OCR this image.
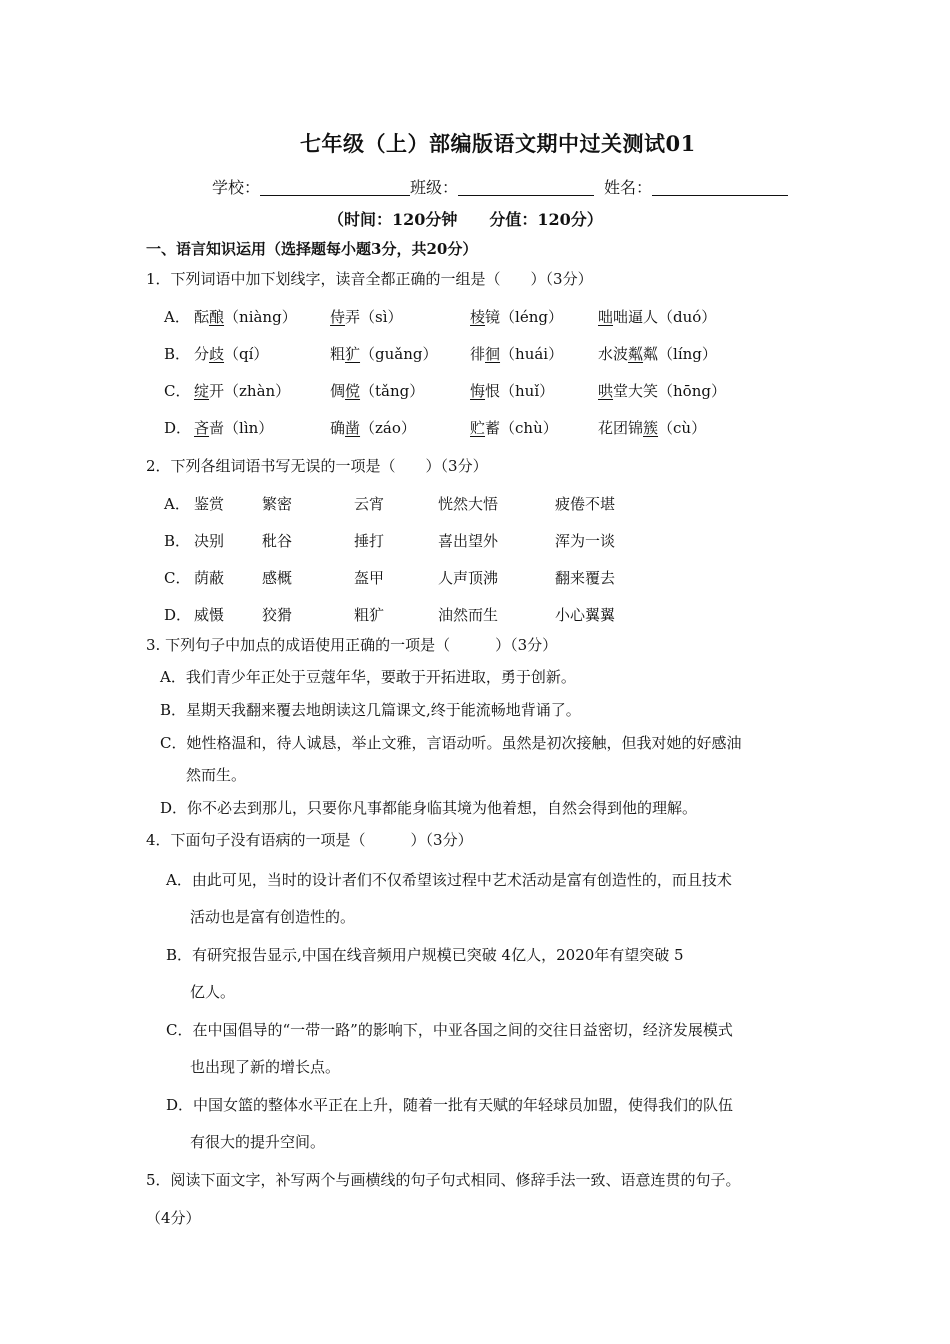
七年级（上）部编版语文期中过关测试01
学校：	班级：	姓名：
（时间：120分钟　　分值：120分）
一、语言知识运用（选择题每小题3分，共20分）
1．下列词语中加下划线字，读音全都正确的一组是（　　）（3分）
A． 酝酿（niàng） 侍弄（sì）	棱镜（léng） 咄咄逼人（duó）
B． 分歧（qí）	粗犷（guǎng） 徘徊（huái） 水波粼粼（líng）
C． 绽开（zhàn）	倜傥（tǎng）	悔恨（huǐ）	哄堂大笑（hōng）
D． 吝啬（lìn）	确凿（záo）	贮蓄（chù）	花团锦簇（cù）
2．下列各组词语书写无误的一项是（　　）（3分）
A． 鉴赏	繁密	云宵	恍然大悟	疲倦不堪
B． 决别	秕谷	捶打	喜出望外	浑为一谈
C． 荫蔽	感概	盔甲	人声顶沸	翻来覆去
D． 威慑	狡猾	粗犷	油然而生	小心翼翼
3. 下列句子中加点的成语使用正确的一项是（　　　）（3分）
A．我们青少年正处于豆蔻年华，要敢于开拓进取，勇于创新。
B．星期天我翻来覆去地朗读这几篇课文,终于能流畅地背诵了。
C．她性格温和，待人诚恳，举止文雅，言语动听。虽然是初次接触，但我对她的好感油
然而生。
D．你不必去到那儿，只要你凡事都能身临其境为他着想，自然会得到他的理解。
4．下面句子没有语病的一项是（　　　）（3分）
A．由此可见，当时的设计者们不仅希望该过程中艺术活动是富有创造性的，而且技术
活动也是富有创造性的。
B．有研究报告显示,中国在线音频用户规模已突破 4亿人，2020年有望突破 5
亿人。
C．在中国倡导的“一带一路”的影响下，中亚各国之间的交往日益密切，经济发展模式
也出现了新的增长点。
D．中国女篮的整体水平正在上升，随着一批有天赋的年轻球员加盟，使得我们的队伍
有很大的提升空间。
5．阅读下面文字，补写两个与画横线的句子句式相同、修辞手法一致、语意连贯的句子。
（4分）
